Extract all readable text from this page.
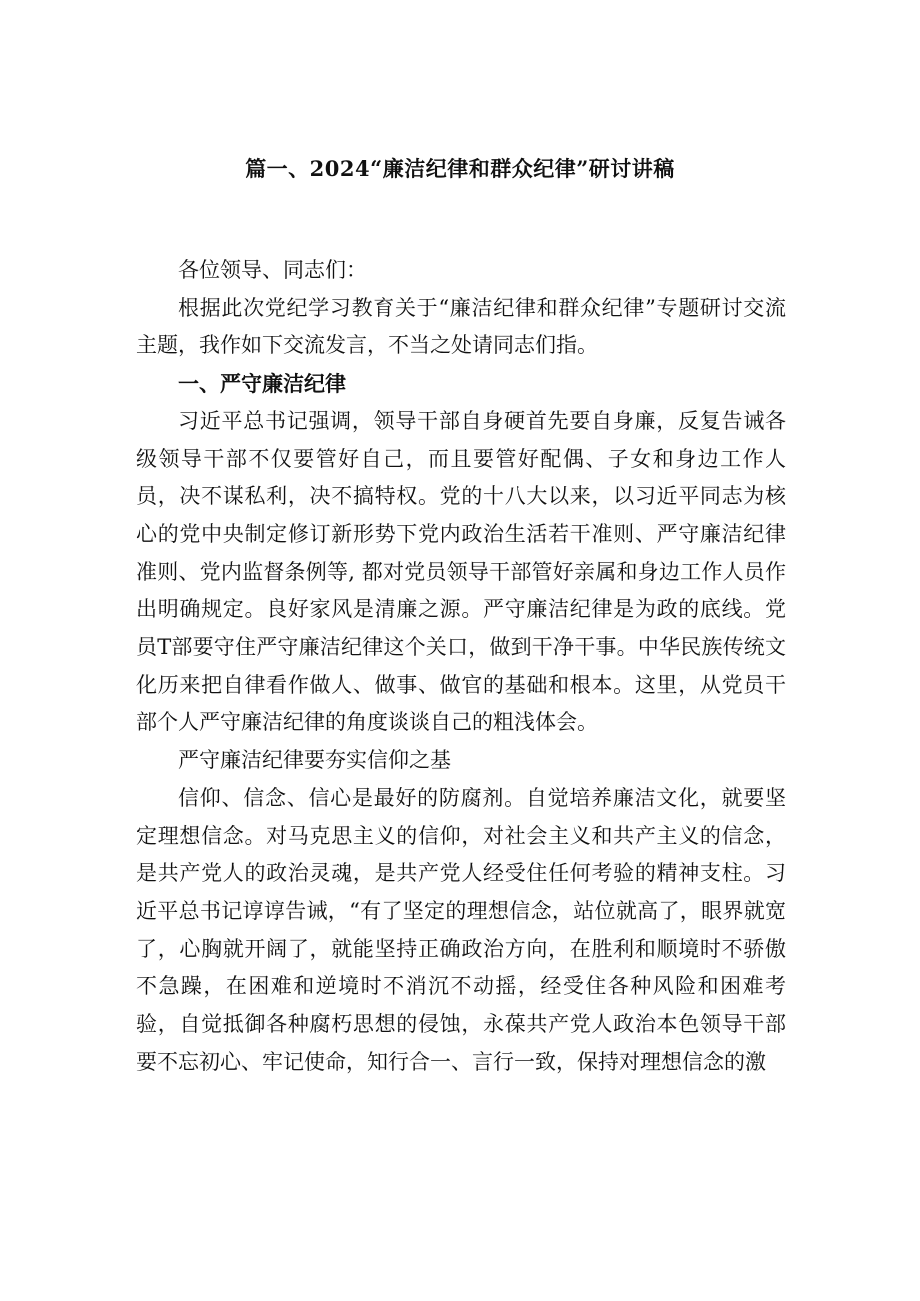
篇一、2024“廉洁纪律和群众纪律”研讨讲稿

各位领导、同志们：

根据此次党纪学习教育关于“廉洁纪律和群众纪律”专题研讨交流主题，我作如下交流发言，不当之处请同志们指。

一、严守廉洁纪律

习近平总书记强调，领导干部自身硬首先要自身廉，反复告诫各级领导干部不仅要管好自己，而且要管好配偶、子女和身边工作人员，决不谋私利，决不搞特权。党的十八大以来，以习近平同志为核心的党中央制定修订新形势下党内政治生活若干准则、严守廉洁纪律准则、党内监督条例等, 都对党员领导干部管好亲属和身边工作人员作出明确规定。良好家风是清廉之源。严守廉洁纪律是为政的底线。党员T部要守住严守廉洁纪律这个关口，做到干净干事。中华民族传统文化历来把自律看作做人、做事、做官的基础和根本。这里，从党员干部个人严守廉洁纪律的角度谈谈自己的粗浅体会。

严守廉洁纪律要夯实信仰之基

信仰、信念、信心是最好的防腐剂。自觉培养廉洁文化，就要坚定理想信念。对马克思主义的信仰，对社会主义和共产主义的信念，是共产党人的政治灵魂，是共产党人经受住任何考验的精神支柱。习近平总书记谆谆告诫，“有了坚定的理想信念，站位就高了，眼界就宽了，心胸就开阔了，就能坚持正确政治方向，在胜利和顺境时不骄傲不急躁，在困难和逆境时不消沉不动摇，经受住各种风险和困难考验，自觉抵御各种腐朽思想的侵蚀，永葆共产党人政治本色领导干部要不忘初心、牢记使命，知行合一、言行一致，保持对理想信念的激
